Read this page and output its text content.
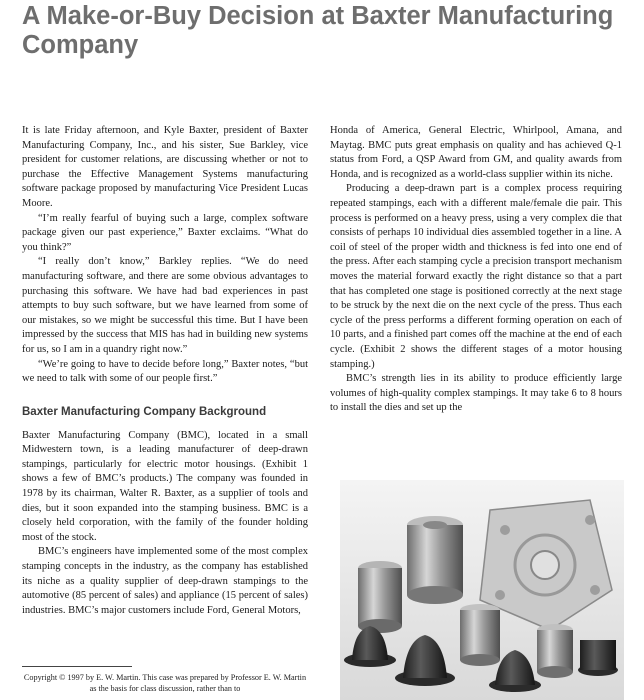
A Make-or-Buy Decision at Baxter Manufacturing Company

It is late Friday afternoon, and Kyle Baxter, president of Baxter Manufacturing Company, Inc., and his sister, Sue Barkley, vice president for customer relations, are discussing whether or not to purchase the Effective Management Systems manufacturing software package proposed by manufacturing Vice President Lucas Moore.

“I’m really fearful of buying such a large, complex software package given our past experience,” Baxter exclaims. “What do you think?”

“I really don’t know,” Barkley replies. “We do need manufacturing software, and there are some obvious advantages to purchasing this software. We have had bad experiences in past attempts to buy such software, but we have learned from some of our mistakes, so we might be successful this time. But I have been impressed by the success that MIS has had in building new systems for us, so I am in a quandry right now.”

“We’re going to have to decide before long,” Baxter notes, “but we need to talk with some of our people first.”

Baxter Manufacturing Company Background

Baxter Manufacturing Company (BMC), located in a small Midwestern town, is a leading manufacturer of deep-drawn stampings, particularly for electric motor housings. (Exhibit 1 shows a few of BMC’s products.) The company was founded in 1978 by its chairman, Walter R. Baxter, as a supplier of tools and dies, but it soon expanded into the stamping business. BMC is a closely held corporation, with the family of the founder holding most of the stock.

BMC’s engineers have implemented some of the most complex stamping concepts in the industry, as the company has established its niche as a quality supplier of deep-drawn stampings to the automotive (85 percent of sales) and appliance (15 percent of sales) industries. BMC’s major customers include Ford, General Motors,

Copyright © 1997 by E. W. Martin. This case was prepared by Professor E. W. Martin as the basis for class discussion, rather than to

Honda of America, General Electric, Whirlpool, Amana, and Maytag. BMC puts great emphasis on quality and has achieved Q-1 status from Ford, a QSP Award from GM, and quality awards from Honda, and is recognized as a world-class supplier within its niche.

Producing a deep-drawn part is a complex process requiring repeated stampings, each with a different male/female die pair. This process is performed on a heavy press, using a very complex die that consists of perhaps 10 individual dies assembled together in a line. A coil of steel of the proper width and thickness is fed into one end of the press. After each stamping cycle a precision transport mechanism moves the material forward exactly the right distance so that a part that has completed one stage is positioned correctly at the next stage to be struck by the next die on the next cycle of the press. Thus each cycle of the press performs a different forming operation on each of 10 parts, and a finished part comes off the machine at the end of each cycle. (Exhibit 2 shows the different stages of a motor housing stamping.)

BMC’s strength lies in its ability to produce efficiently large volumes of high-quality complex stampings. It may take 6 to 8 hours to install the dies and set up the
